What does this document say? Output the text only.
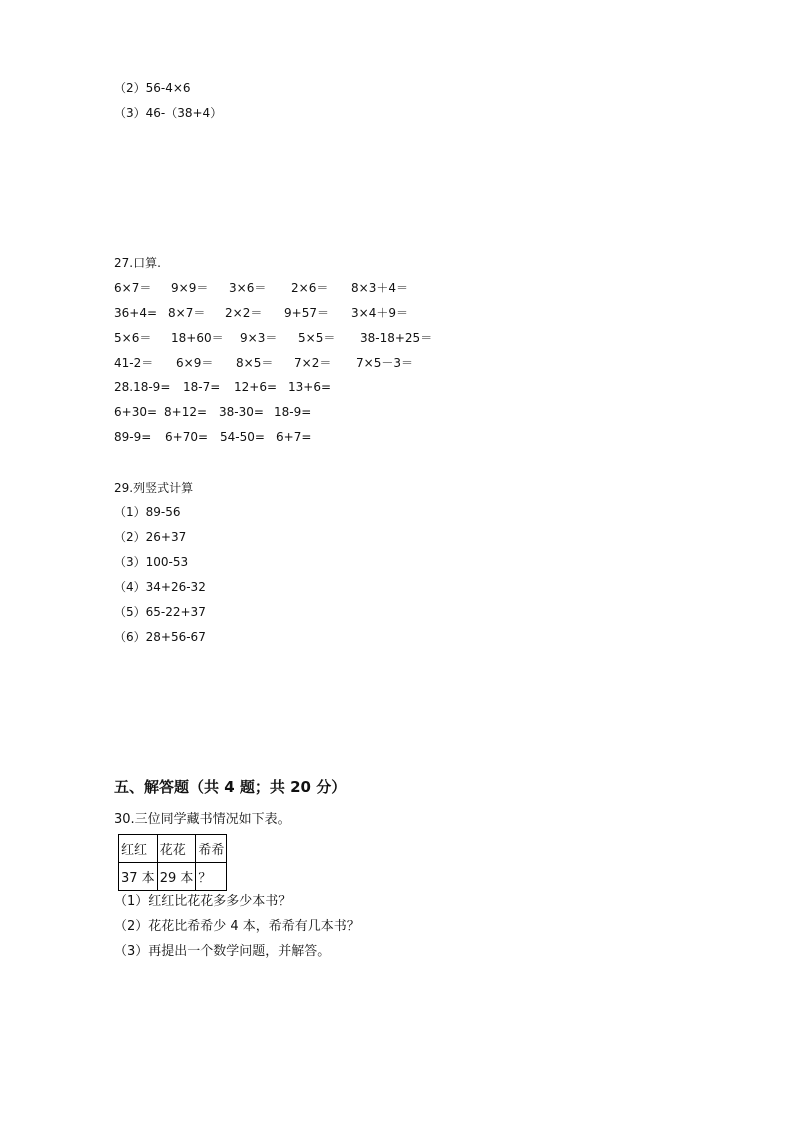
（2）56-4×6
（3）46-（38+4）
27.口算.
6×7＝ 9×9＝ 3×6＝ 2×6＝ 8×3＋4＝
36+4= 8×7＝ 2×2＝ 9+57＝ 3×4＋9＝
5×6＝ 18+60＝ 9×3＝ 5×5＝ 38-18+25＝
41-2＝ 6×9＝ 8×5＝ 7×2＝ 7×5－3＝
28.18-9= 18-7= 12+6= 13+6=
6+30= 8+12= 38-30= 18-9=
89-9= 6+70= 54-50= 6+7=
29.列竖式计算
（1）89-56
（2）26+37
（3）100-53
（4）34+26-32
（5）65-22+37
（6）28+56-67
五、解答题（共 4 题；共 20 分）
30.三位同学藏书情况如下表。
红红	花花	希希
37 本	29 本	？
（1）红红比花花多多少本书？
（2）花花比希希少 4 本，希希有几本书？
（3）再提出一个数学问题，并解答。
